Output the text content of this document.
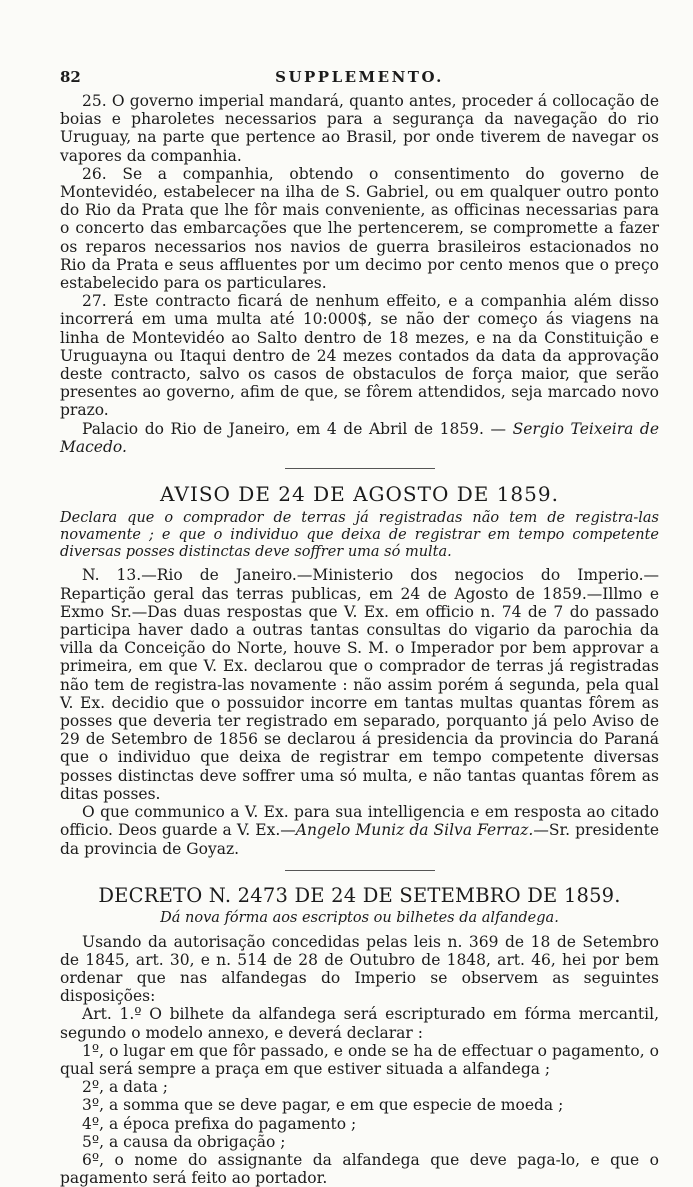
82	SUPPLEMENTO.

25. O governo imperial mandará, quanto antes, proceder á collocação de boias e pharoletes necessarios para a segurança da navegação do rio Uruguay, na parte que pertence ao Brasil, por onde tiverem de navegar os vapores da companhia.

26. Se a companhia, obtendo o consentimento do governo de Montevidéo, estabelecer na ilha de S. Gabriel, ou em qualquer outro ponto do Rio da Prata que lhe fôr mais conveniente, as officinas necessarias para o concerto das embarcações que lhe pertencerem, se compromette a fazer os reparos necessarios nos navios de guerra brasileiros estacionados no Rio da Prata e seus affluentes por um decimo por cento menos que o preço estabelecido para os particulares.

27. Este contracto ficará de nenhum effeito, e a companhia além disso incorrerá em uma multa até 10:000$, se não der começo ás viagens na linha de Montevidéo ao Salto dentro de 18 mezes, e na da Constituição e Uruguayna ou Itaqui dentro de 24 mezes contados da data da approvação deste contracto, salvo os casos de obstaculos de força maior, que serão presentes ao governo, afim de que, se fôrem attendidos, seja marcado novo prazo.

Palacio do Rio de Janeiro, em 4 de Abril de 1859. — Sergio Teixeira de Macedo.

AVISO DE 24 DE AGOSTO DE 1859.

Declara que o comprador de terras já registradas não tem de registra-las novamente ; e que o individuo que deixa de registrar em tempo competente diversas posses distinctas deve soffrer uma só multa.

N. 13.—Rio de Janeiro.—Ministerio dos negocios do Imperio.—Repartição geral das terras publicas, em 24 de Agosto de 1859.—Illmo e Exmo Sr.—Das duas respostas que V. Ex. em officio n. 74 de 7 do passado participa haver dado a outras tantas consultas do vigario da parochia da villa da Conceição do Norte, houve S. M. o Imperador por bem approvar a primeira, em que V. Ex. declarou que o comprador de terras já registradas não tem de registra-las novamente : não assim porém á segunda, pela qual V. Ex. decidio que o possuidor incorre em tantas multas quantas fôrem as posses que deveria ter registrado em separado, porquanto já pelo Aviso de 29 de Setembro de 1856 se declarou á presidencia da provincia do Paraná que o individuo que deixa de registrar em tempo competente diversas posses distinctas deve soffrer uma só multa, e não tantas quantas fôrem as ditas posses.

O que communico a V. Ex. para sua intelligencia e em resposta ao citado officio. Deos guarde a V. Ex.—Angelo Muniz da Silva Ferraz.—Sr. presidente da provincia de Goyaz.

DECRETO N. 2473 DE 24 DE SETEMBRO DE 1859.

Dá nova fórma aos escriptos ou bilhetes da alfandega.

Usando da autorisação concedidas pelas leis n. 369 de 18 de Setembro de 1845, art. 30, e n. 514 de 28 de Outubro de 1848, art. 46, hei por bem ordenar que nas alfandegas do Imperio se observem as seguintes disposições:

Art. 1.º O bilhete da alfandega será escripturado em fórma mercantil, segundo o modelo annexo, e deverá declarar :

1º, o lugar em que fôr passado, e onde se ha de effectuar o pagamento, o qual será sempre a praça em que estiver situada a alfandega ;

2º, a data ;

3º, a somma que se deve pagar, e em que especie de moeda ;

4º, a época prefixa do pagamento ;

5º, a causa da obrigação ;

6º, o nome do assignante da alfandega que deve paga-lo, e que o pagamento será feito ao portador.
